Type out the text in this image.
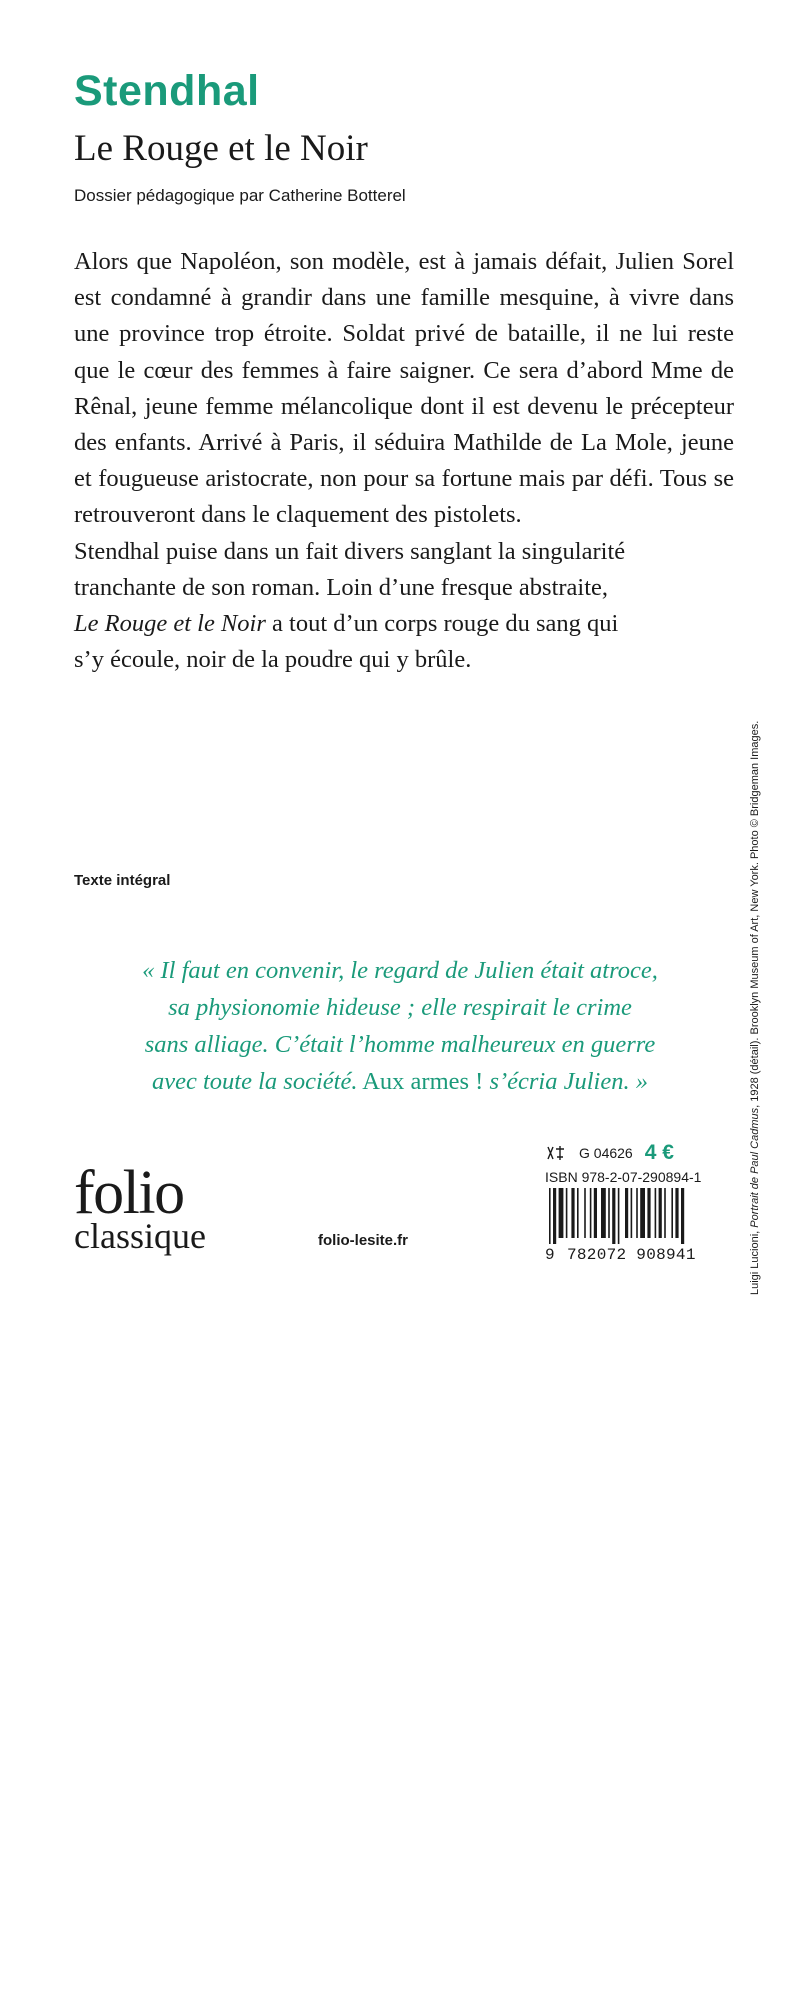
Stendhal
Le Rouge et le Noir
Dossier pédagogique par Catherine Botterel

Alors que Napoléon, son modèle, est à jamais défait, Julien Sorel est condamné à grandir dans une famille mesquine, à vivre dans une province trop étroite. Soldat privé de bataille, il ne lui reste que le cœur des femmes à faire saigner. Ce sera d’abord Mme de Rênal, jeune femme mélancolique dont il est devenu le précepteur des enfants. Arrivé à Paris, il séduira Mathilde de La Mole, jeune et fougueuse aristocrate, non pour sa fortune mais par défi. Tous se retrouveront dans le claquement des pistolets.

Stendhal puise dans un fait divers sanglant la singularité
tranchante de son roman. Loin d’une fresque abstraite,
Le Rouge et le Noir a tout d’un corps rouge du sang qui
s’y écoule, noir de la poudre qui y brûle.

Texte intégral
« Il faut en convenir, le regard de Julien était atroce,
sa physionomie hideuse ; elle respirait le crime
sans alliage. C’était l’homme malheureux en guerre
avec toute la société. Aux armes ! s’écria Julien. »
folio
classique	folio-lesite.fr
G 04626 4 €
ISBN 978-2-07-290894-1
9 782072 908941	Luigi Lucioni, Portrait de Paul Cadmus, 1928 (détail). Brooklyn Museum of Art, New York. Photo © Bridgeman Images.
